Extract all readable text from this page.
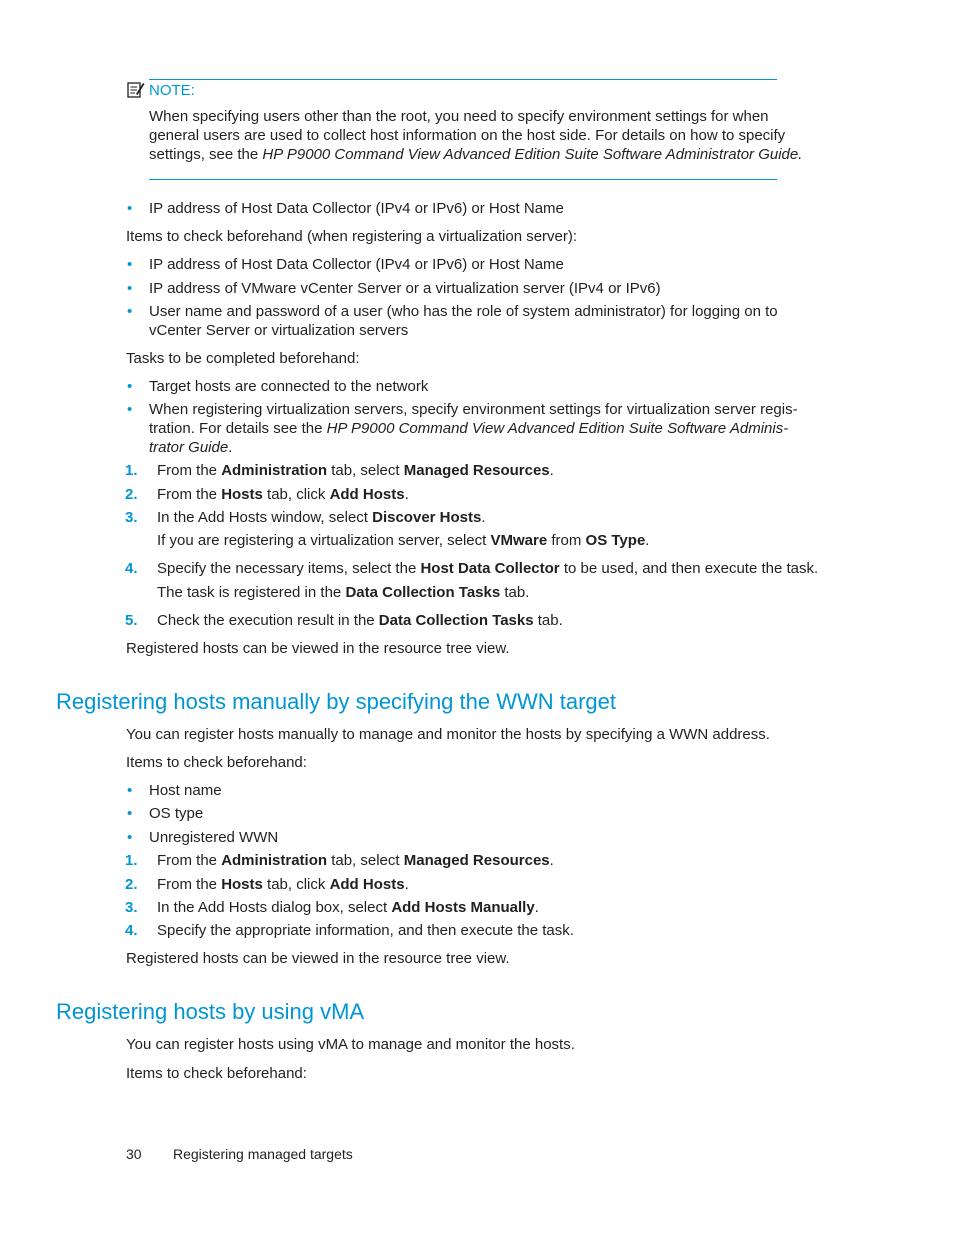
NOTE:
When specifying users other than the root, you need to specify environment settings for when
general users are used to collect host information on the host side. For details on how to specify
settings, see the HP P9000 Command View Advanced Edition Suite Software Administrator Guide.
• IP address of Host Data Collector (IPv4 or IPv6) or Host Name
Items to check beforehand (when registering a virtualization server):
• IP address of Host Data Collector (IPv4 or IPv6) or Host Name
• IP address of VMware vCenter Server or a virtualization server (IPv4 or IPv6)
• User name and password of a user (who has the role of system administrator) for logging on to
vCenter Server or virtualization servers
Tasks to be completed beforehand:
• Target hosts are connected to the network
• When registering virtualization servers, specify environment settings for virtualization server regis-
tration. For details see the HP P9000 Command View Advanced Edition Suite Software Adminis-
trator Guide.
1. From the Administration tab, select Managed Resources.
2. From the Hosts tab, click Add Hosts.
3. In the Add Hosts window, select Discover Hosts.
If you are registering a virtualization server, select VMware from OS Type.
4. Specify the necessary items, select the Host Data Collector to be used, and then execute the task.
The task is registered in the Data Collection Tasks tab.
5. Check the execution result in the Data Collection Tasks tab.
Registered hosts can be viewed in the resource tree view.
Registering hosts manually by specifying the WWN target
You can register hosts manually to manage and monitor the hosts by specifying a WWN address.
Items to check beforehand:
• Host name
• OS type
• Unregistered WWN
1. From the Administration tab, select Managed Resources.
2. From the Hosts tab, click Add Hosts.
3. In the Add Hosts dialog box, select Add Hosts Manually.
4. Specify the appropriate information, and then execute the task.
Registered hosts can be viewed in the resource tree view.
Registering hosts by using vMA
You can register hosts using vMA to manage and monitor the hosts.
Items to check beforehand:
30 Registering managed targets
